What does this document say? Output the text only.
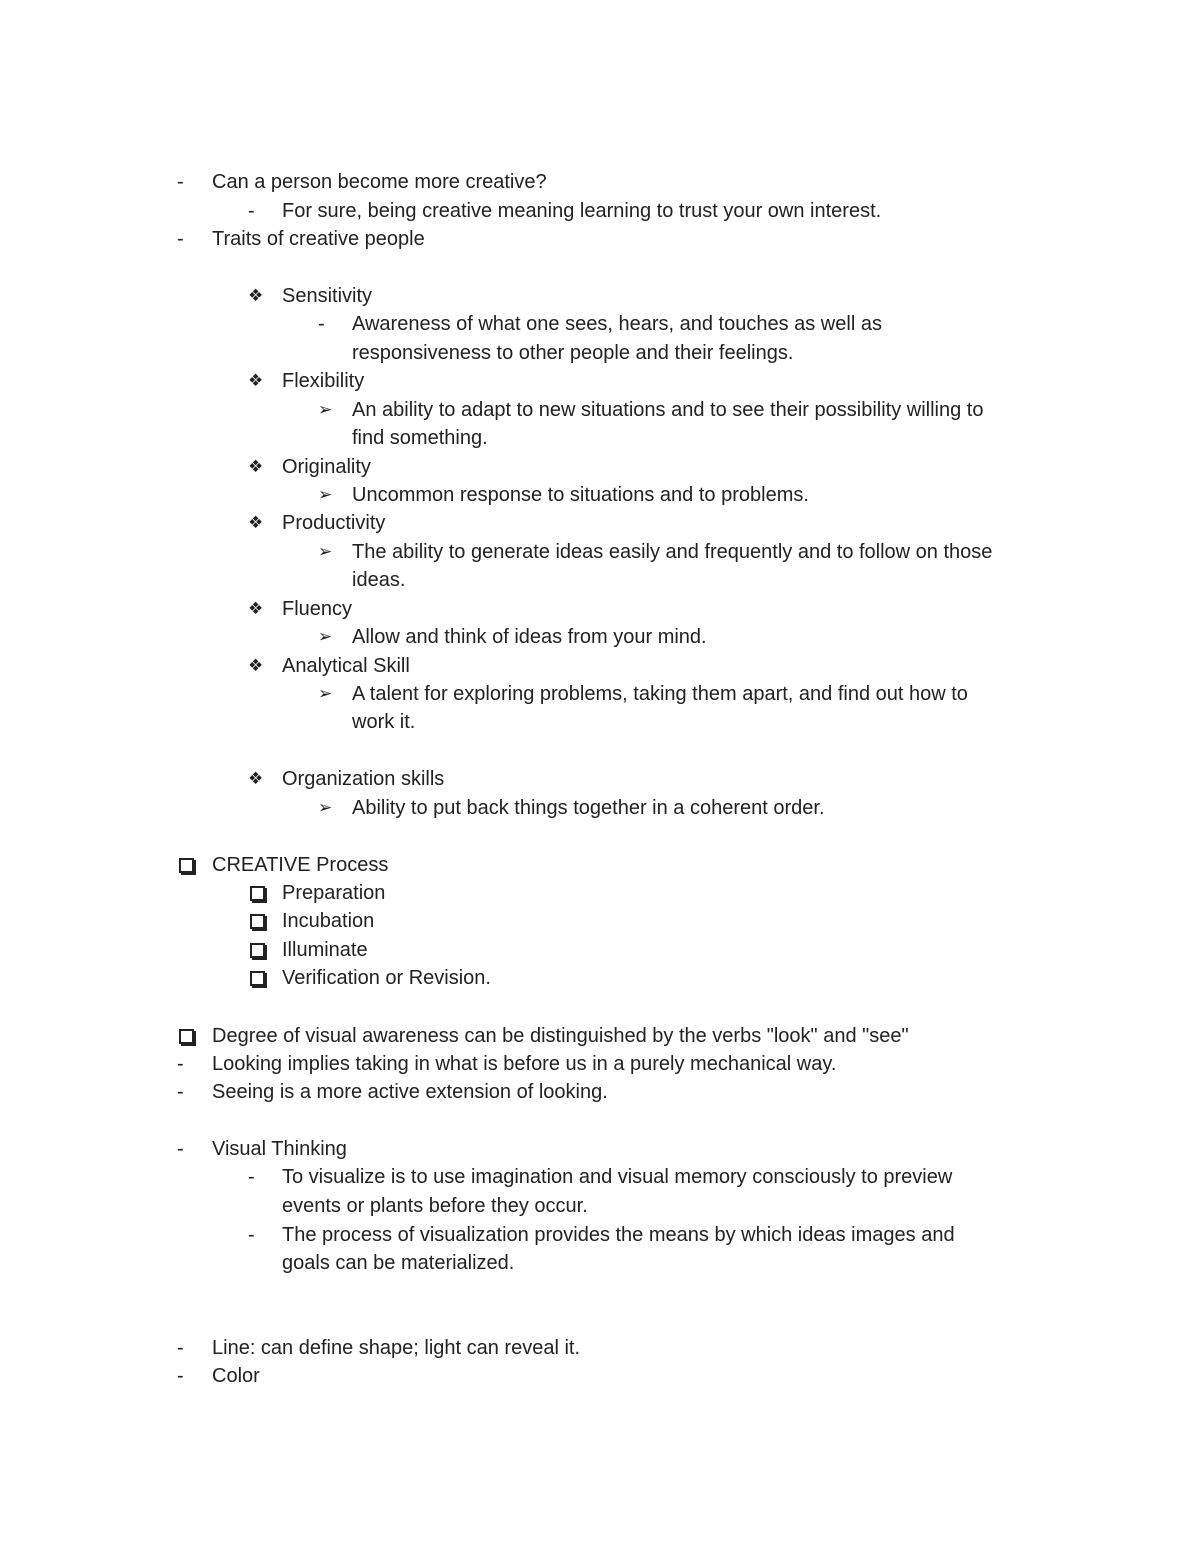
-	Can a person become more creative?
-	For sure, being creative meaning learning to trust your own interest.
-	Traits of creative people
❖ Sensitivity
-	Awareness of what one sees, hears, and touches as well as
responsiveness to other people and their feelings.
❖ Flexibility
➢ An ability to adapt to new situations and to see their possibility willing to
find something.
❖ Originality
➢ Uncommon response to situations and to problems.
❖ Productivity
➢ The ability to generate ideas easily and frequently and to follow on those
ideas.
❖ Fluency
➢ Allow and think of ideas from your mind.
❖ Analytical Skill
➢ A talent for exploring problems, taking them apart, and find out how to
work it.
❖ Organization skills
➢ Ability to put back things together in a coherent order.
CREATIVE Process
Preparation
Incubation
Illuminate
Verification or Revision.
Degree of visual awareness can be distinguished by the verbs "look" and "see"
-	Looking implies taking in what is before us in a purely mechanical way.
-	Seeing is a more active extension of looking.
-	Visual Thinking
-	To visualize is to use imagination and visual memory consciously to preview
events or plants before they occur.
-	The process of visualization provides the means by which ideas images and
goals can be materialized.
-	Line: can define shape; light can reveal it.
-	Color
